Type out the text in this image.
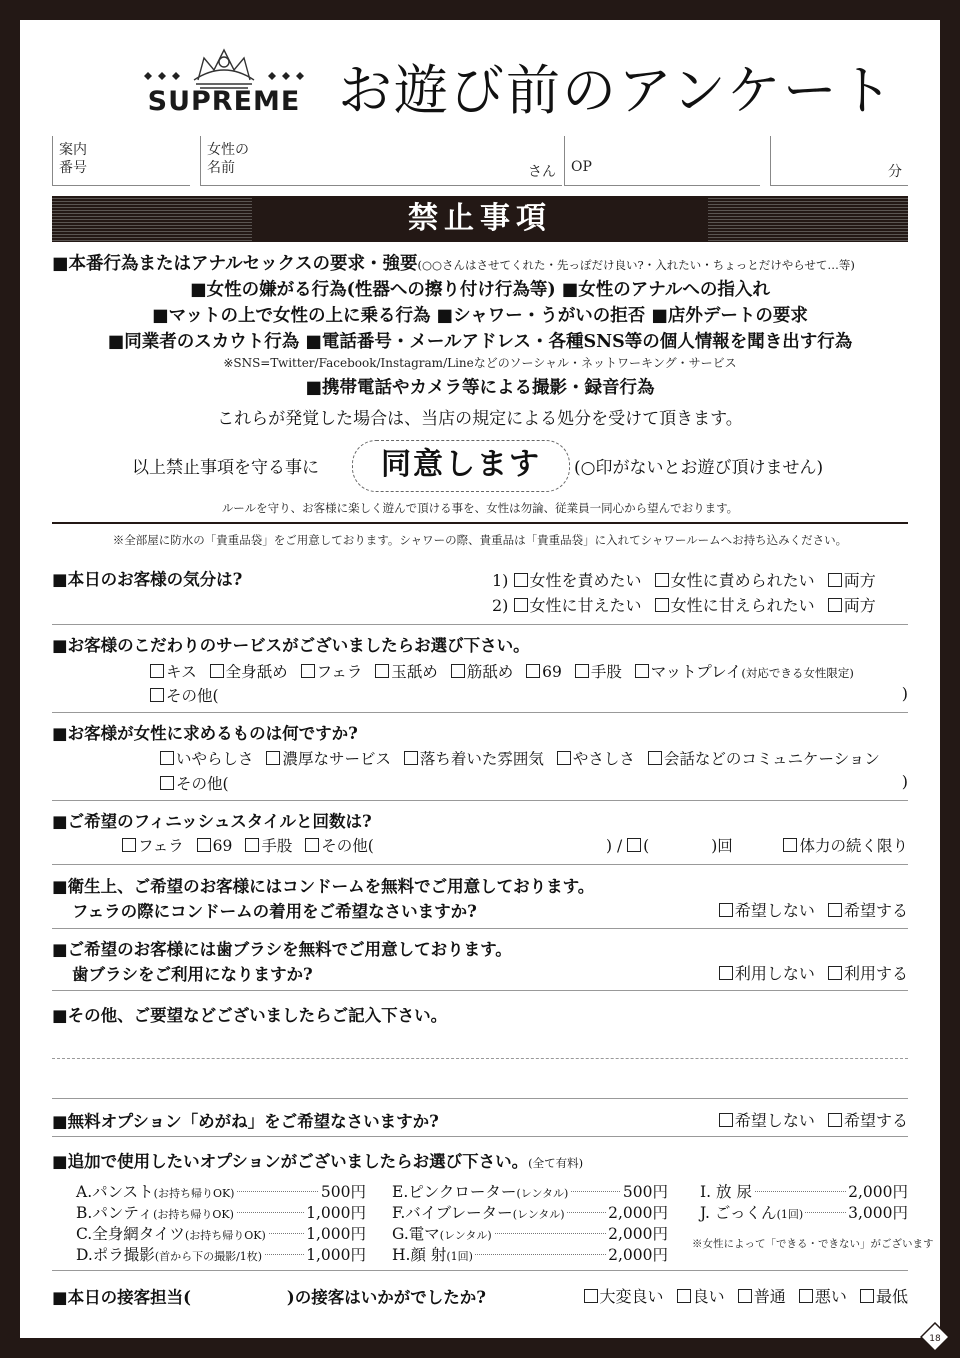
SUPREME お遊び前のアンケート
案内
番号
女性の
名前	さん	OP	分
禁止事項
■本番行為またはアナルセックスの要求・強要(○○さんはさせてくれた・先っぽだけ良い?・入れたい・ちょっとだけやらせて…等)
■女性の嫌がる行為(性器への擦り付け行為等) ■女性のアナルへの指入れ
■マットの上で女性の上に乗る行為 ■シャワー・うがいの拒否 ■店外デートの要求
■同業者のスカウト行為 ■電話番号・メールアドレス・各種SNS等の個人情報を聞き出す行為
※SNS=Twitter/Facebook/Instagram/Lineなどのソーシャル・ネットワーキング・サービス
■携帯電話やカメラ等による撮影・録音行為
これらが発覚した場合は、当店の規定による処分を受けて頂きます。
以上禁止事項を守る事に	同意します	(○印がないとお遊び頂けません)
ルールを守り、お客様に楽しく遊んで頂ける事を、女性は勿論、従業員一同心から望んでおります。
※全部屋に防水の「貴重品袋」をご用意しております。シャワーの際、貴重品は「貴重品袋」に入れてシャワールームへお持ち込みください。
■本日のお客様の気分は?	1) 女性を責めたい 女性に責められたい 両方
2) 女性に甘えたい 女性に甘えられたい 両方
■お客様のこだわりのサービスがございましたらお選び下さい。
キス 全身舐め フェラ 玉舐め 筋舐め 69 手股 マットプレイ(対応できる女性限定)
その他(	)
■お客様が女性に求めるものは何ですか?
いやらしさ 濃厚なサービス 落ち着いた雰囲気 やさしさ 会話などのコミュニケーション
その他(	)
■ご希望のフィニッシュスタイルと回数は?
フェラ 69 手股 その他(	) / (	)回	体力の続く限り
■衛生上、ご希望のお客様にはコンドームを無料でご用意しております。
フェラの際にコンドームの着用をご希望なさいますか?	希望しない 希望する
■ご希望のお客様には歯ブラシを無料でご用意しております。
歯ブラシをご利用になりますか?	利用しない 利用する
■その他、ご要望などございましたらご記入下さい。
■無料オプション「めがね」をご希望なさいますか?	希望しない 希望する
■追加で使用したいオプションがございましたらお選び下さい。(全て有料)
A.パンスト(お持ち帰りOK)	500円
B.パンティ(お持ち帰りOK)	1,000円
C.全身網タイツ(お持ち帰りOK)	1,000円
D.ポラ撮影(首から下の撮影/1枚)	1,000円
E.ピンクローター(レンタル)	500円
F.バイブレーター(レンタル)	2,000円
G.電マ(レンタル)	2,000円
H.顔 射(1回)	2,000円
I. 放 尿	2,000円
J. ごっくん(1回)	3,000円
※女性によって「できる・できない」がございます
■本日の接客担当(	)の接客はいかがでしたか?	大変良い 良い 普通 悪い 最低
18
